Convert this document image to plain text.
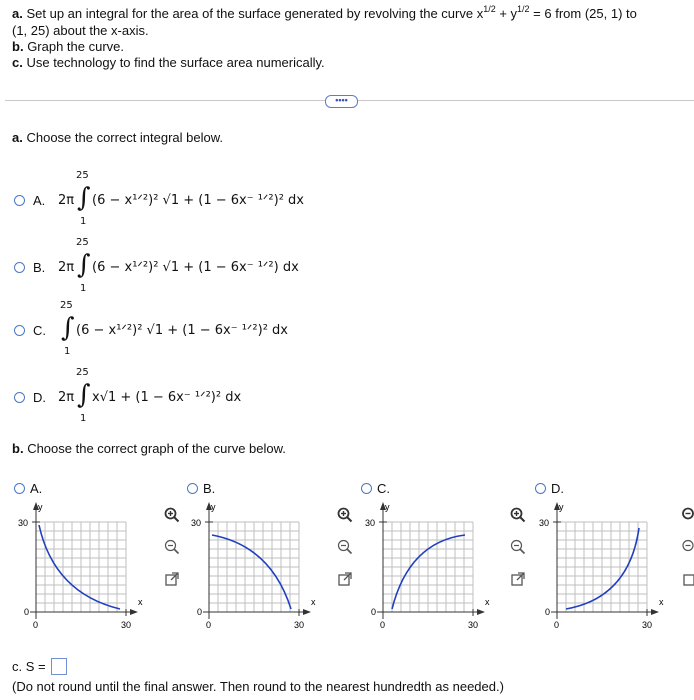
a. Set up an integral for the area of the surface generated by revolving the curve $x^{1/2} + y^{1/2} = 6$ from (25, 1) to
(1, 25) about the x-axis.
b. Graph the curve.
c. Use technology to find the surface area numerically.
••••
a. Choose the correct integral below.
A. 2π
25
∫
1
(6 − x¹ᐟ²)² √1 + (1 − 6x⁻ ¹ᐟ²)² dx
B. 2π
25
∫
1
(6 − x¹ᐟ²)² √1 + (1 − 6x⁻ ¹ᐟ²) dx
C.
25
∫
1
(6 − x¹ᐟ²)² √1 + (1 − 6x⁻ ¹ᐟ²)² dx
D. 2π
25
∫
1
x√1 + (1 − 6x⁻ ¹ᐟ²)² dx
b. Choose the correct graph of the curve below.
A.	B.	C.	D.
y
30
0
0	30
x
y
30
0
0	30
x
y
30
0
0	30
x
y
30
0
0	30
x
c. S =
(Do not round until the final answer. Then round to the nearest hundredth as needed.)
